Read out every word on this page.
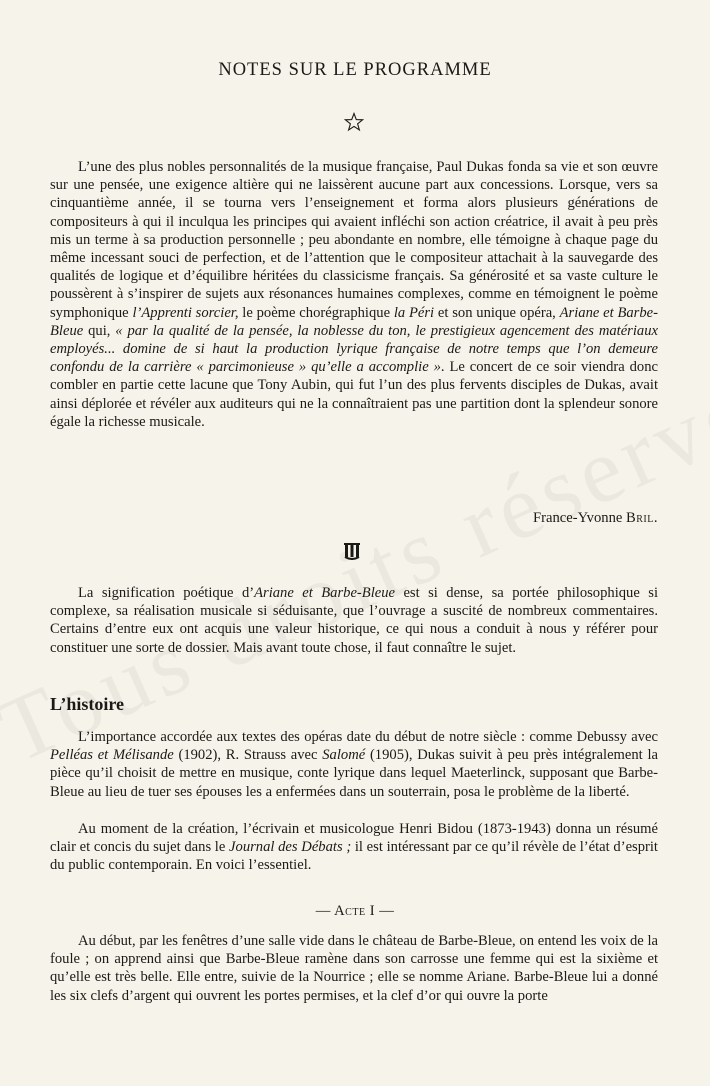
NOTES SUR LE PROGRAMME

L’une des plus nobles personnalités de la musique française, Paul Dukas fonda sa vie et son œuvre sur une pensée, une exigence altière qui ne laissèrent aucune part aux concessions. Lorsque, vers sa cinquantième année, il se tourna vers l’enseignement et forma alors plusieurs générations de compositeurs à qui il inculqua les principes qui avaient infléchi son action créatrice, il avait à peu près mis un terme à sa production personnelle ; peu abondante en nombre, elle témoigne à chaque page du même incessant souci de perfection, et de l’attention que le compositeur attachait à la sauvegarde des qualités de logique et d’équilibre héritées du classicisme français. Sa générosité et sa vaste culture le poussèrent à s’inspirer de sujets aux résonances humaines complexes, comme en témoignent le poème symphonique l’Apprenti sorcier, le poème chorégraphique la Péri et son unique opéra, Ariane et Barbe-Bleue qui, « par la qualité de la pensée, la noblesse du ton, le prestigieux agencement des matériaux employés... domine de si haut la production lyrique française de notre temps que l’on demeure confondu de la carrière « parcimonieuse » qu’elle a accomplie ». Le concert de ce soir viendra donc combler en partie cette lacune que Tony Aubin, qui fut l’un des plus fervents disciples de Dukas, avait ainsi déplorée et révéler aux auditeurs qui ne la connaîtraient pas une partition dont la splendeur sonore égale la richesse musicale.

France-Yvonne Bril.

La signification poétique d’Ariane et Barbe-Bleue est si dense, sa portée philosophique si complexe, sa réalisation musicale si séduisante, que l’ouvrage a suscité de nombreux commentaires. Certains d’entre eux ont acquis une valeur historique, ce qui nous a conduit à nous y référer pour constituer une sorte de dossier. Mais avant toute chose, il faut connaître le sujet.

L’histoire

L’importance accordée aux textes des opéras date du début de notre siècle : comme Debussy avec Pelléas et Mélisande (1902), R. Strauss avec Salomé (1905), Dukas suivit à peu près intégralement la pièce qu’il choisit de mettre en musique, conte lyrique dans lequel Maeterlinck, supposant que Barbe-Bleue au lieu de tuer ses épouses les a enfermées dans un souterrain, posa le problème de la liberté.

Au moment de la création, l’écrivain et musicologue Henri Bidou (1873-1943) donna un résumé clair et concis du sujet dans le Journal des Débats ; il est intéressant par ce qu’il révèle de l’état d’esprit du public contemporain. En voici l’essentiel.

— Acte I —

Au début, par les fenêtres d’une salle vide dans le château de Barbe-Bleue, on entend les voix de la foule ; on apprend ainsi que Barbe-Bleue ramène dans son carrosse une femme qui est la sixième et qu’elle est très belle. Elle entre, suivie de la Nourrice ; elle se nomme Ariane. Barbe-Bleue lui a donné les six clefs d’argent qui ouvrent les portes permises, et la clef d’or qui ouvre la porte
